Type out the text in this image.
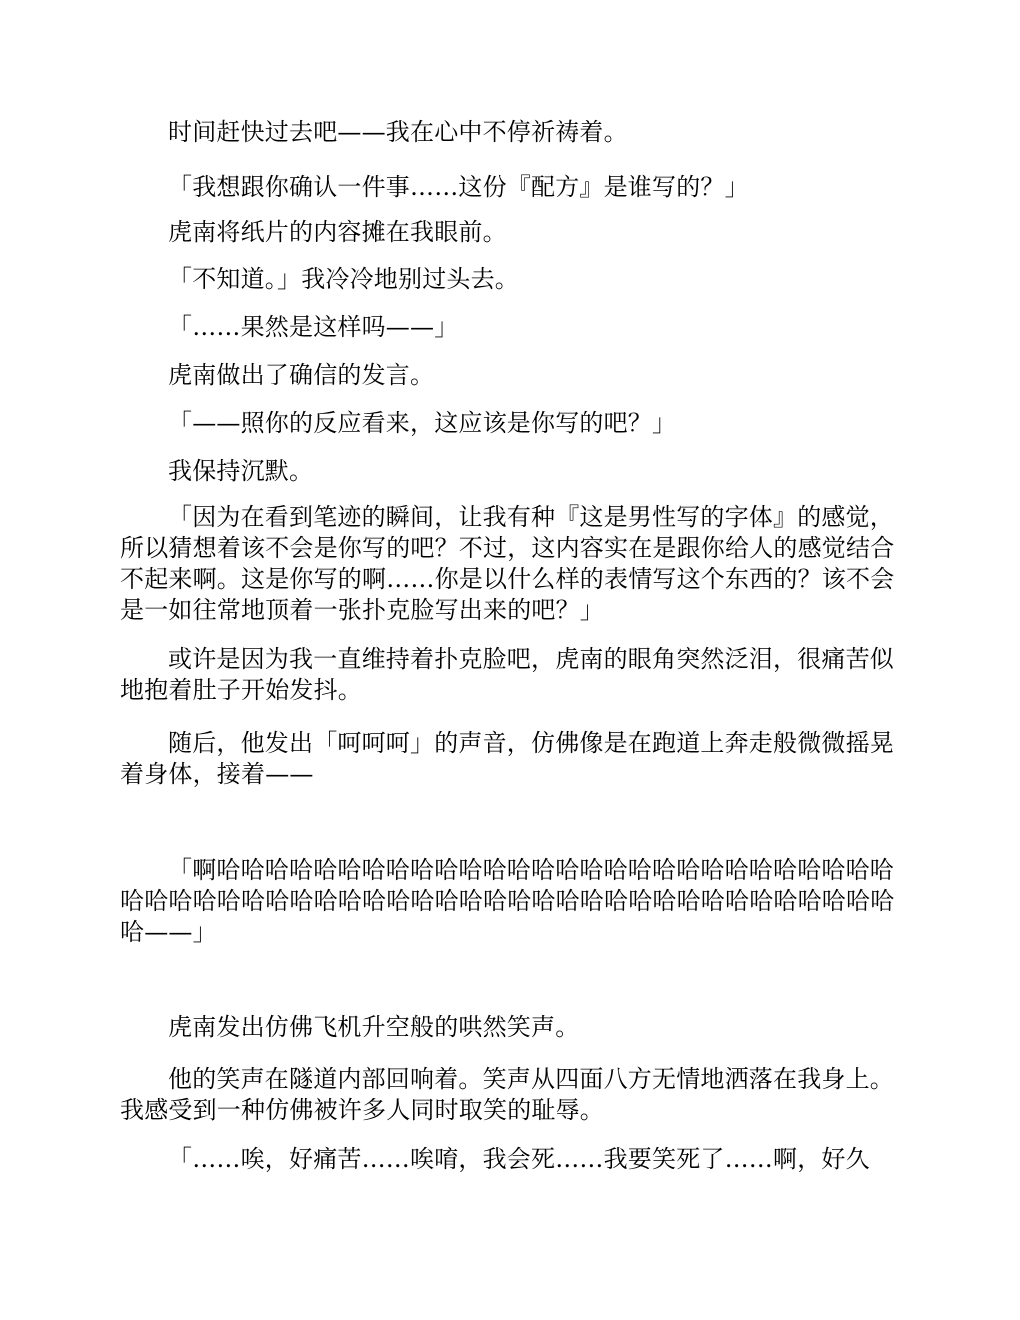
时间赶快过去吧——我在心中不停祈祷着。

「我想跟你确认一件事……这份『配方』是谁写的？」

虎南将纸片的内容摊在我眼前。

「不知道。」我冷冷地别过头去。

「……果然是这样吗——」

虎南做出了确信的发言。

「——照你的反应看来，这应该是你写的吧？」

我保持沉默。

「因为在看到笔迹的瞬间，让我有种『这是男性写的字体』的感觉，所以猜想着该不会是你写的吧？不过，这内容实在是跟你给人的感觉结合不起来啊。这是你写的啊……你是以什么样的表情写这个东西的？该不会是一如往常地顶着一张扑克脸写出来的吧？」

或许是因为我一直维持着扑克脸吧，虎南的眼角突然泛泪，很痛苦似地抱着肚子开始发抖。

随后，他发出「呵呵呵」的声音，仿佛像是在跑道上奔走般微微摇晃着身体，接着——

「啊哈哈哈哈哈哈哈哈哈哈哈哈哈哈哈哈哈哈哈哈哈哈哈哈哈哈哈哈哈哈哈哈哈哈哈哈哈哈哈哈哈哈哈哈哈哈哈哈哈哈哈哈哈哈哈哈哈哈哈哈哈——」

虎南发出仿佛飞机升空般的哄然笑声。

他的笑声在隧道内部回响着。笑声从四面八方无情地洒落在我身上。我感受到一种仿佛被许多人同时取笑的耻辱。

「……唉，好痛苦……唉唷，我会死……我要笑死了……啊，好久
